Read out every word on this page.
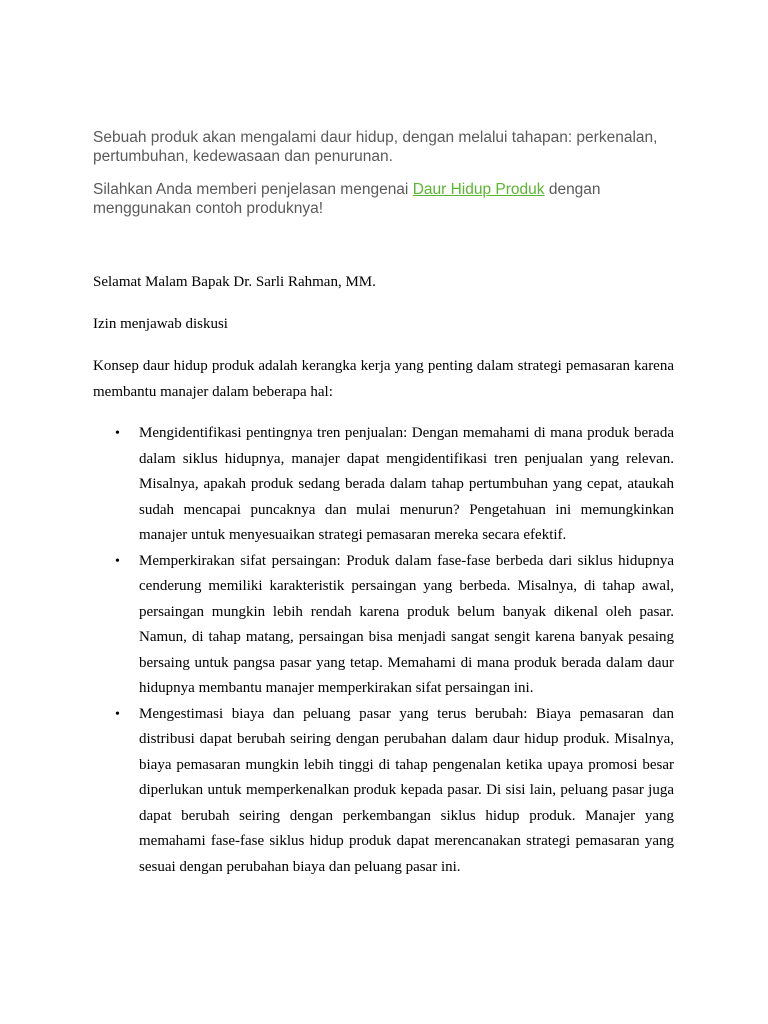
Sebuah produk akan mengalami daur hidup, dengan melalui tahapan: perkenalan, pertumbuhan, kedewasaan dan penurunan.

Silahkan Anda memberi penjelasan mengenai Daur Hidup Produk dengan menggunakan contoh produknya!

Selamat Malam Bapak Dr. Sarli Rahman, MM.

Izin menjawab diskusi

Konsep daur hidup produk adalah kerangka kerja yang penting dalam strategi pemasaran karena membantu manajer dalam beberapa hal:

• Mengidentifikasi pentingnya tren penjualan: Dengan memahami di mana produk berada dalam siklus hidupnya, manajer dapat mengidentifikasi tren penjualan yang relevan. Misalnya, apakah produk sedang berada dalam tahap pertumbuhan yang cepat, ataukah sudah mencapai puncaknya dan mulai menurun? Pengetahuan ini memungkinkan manajer untuk menyesuaikan strategi pemasaran mereka secara efektif.
• Memperkirakan sifat persaingan: Produk dalam fase-fase berbeda dari siklus hidupnya cenderung memiliki karakteristik persaingan yang berbeda. Misalnya, di tahap awal, persaingan mungkin lebih rendah karena produk belum banyak dikenal oleh pasar. Namun, di tahap matang, persaingan bisa menjadi sangat sengit karena banyak pesaing bersaing untuk pangsa pasar yang tetap. Memahami di mana produk berada dalam daur hidupnya membantu manajer memperkirakan sifat persaingan ini.
• Mengestimasi biaya dan peluang pasar yang terus berubah: Biaya pemasaran dan distribusi dapat berubah seiring dengan perubahan dalam daur hidup produk. Misalnya, biaya pemasaran mungkin lebih tinggi di tahap pengenalan ketika upaya promosi besar diperlukan untuk memperkenalkan produk kepada pasar. Di sisi lain, peluang pasar juga dapat berubah seiring dengan perkembangan siklus hidup produk. Manajer yang memahami fase-fase siklus hidup produk dapat merencanakan strategi pemasaran yang sesuai dengan perubahan biaya dan peluang pasar ini.
